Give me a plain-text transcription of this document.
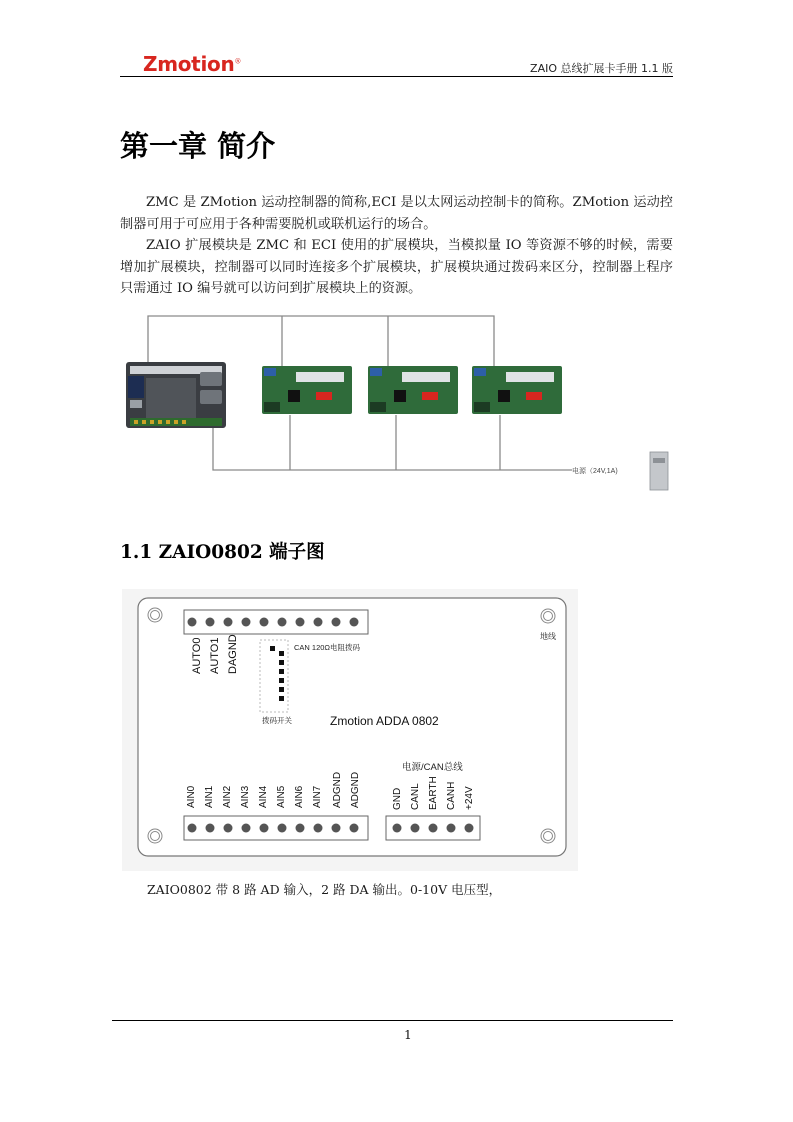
Zmotion®
ZAIO 总线扩展卡手册 1.1 版
第一章 简介
ZMC 是 ZMotion 运动控制器的简称,ECI 是以太网运动控制卡的简称。ZMotion 运动控制器可用于可应用于各种需要脱机或联机运行的场合。
ZAIO 扩展模块是 ZMC 和 ECI 使用的扩展模块，当模拟量 IO 等资源不够的时候，需要增加扩展模块，控制器可以同时连接多个扩展模块，扩展模块通过拨码来区分，控制器上程序只需通过 IO 编号就可以访问到扩展模块上的资源。
电源（24V,1A)
1.1 ZAIO0802 端子图
AUTO0 AUTO1 DAGND	地线
CAN 120Ω电阻拨码
拨码开关	Zmotion ADDA 0802
电源/CAN总线
AIN0 AIN1 AIN2 AIN3 AIN4 AIN5 AIN6 AIN7 ADGND ADGND	GND CANL EARTH CANH +24V
ZAIO0802 带 8 路 AD 输入，2 路 DA 输出。0-10V 电压型，
1
